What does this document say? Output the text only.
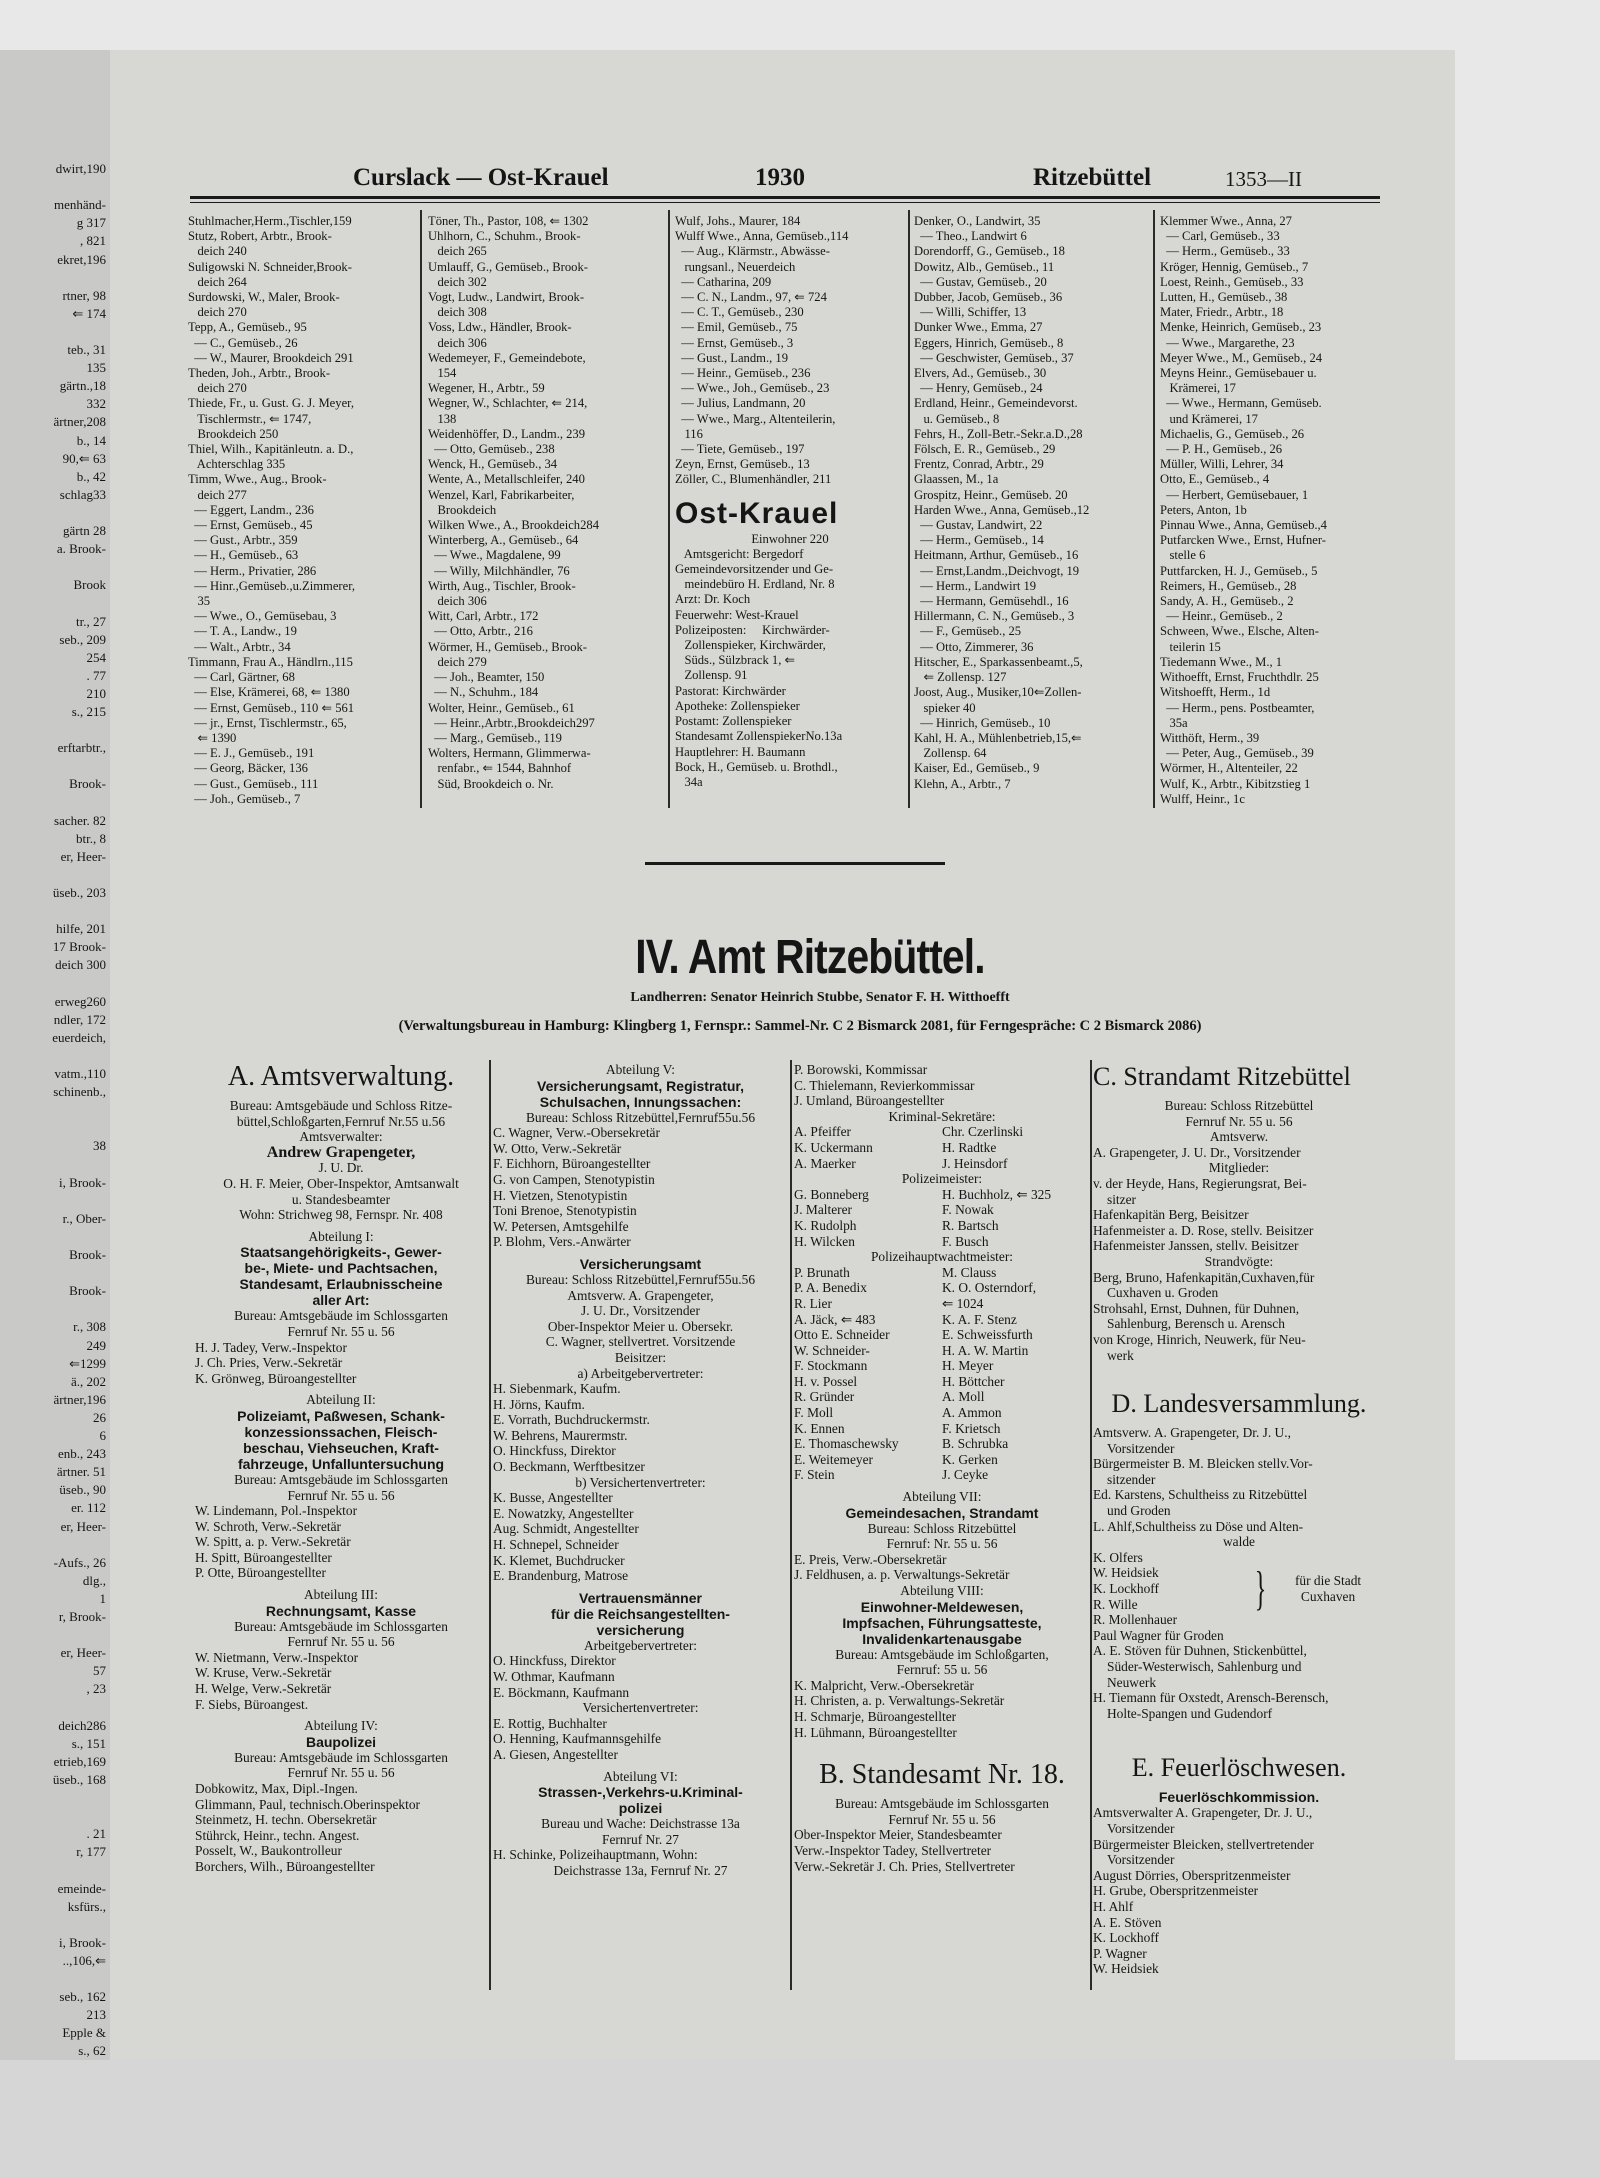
dwirt,190
menhänd-
g 317
, 821
ekret,196
rtner, 98
⇐ 174
teb., 31
135
gärtn.,18
332
ärtner,208
b., 14
90,⇐ 63
b., 42
schlag33
gärtn 28
a. Brook-
Brook
tr., 27
seb., 209
254
. 77
210
s., 215
erftarbtr.,
Brook-
sacher. 82
btr., 8
er, Heer-
üseb., 203
hilfe, 201
17 Brook-
deich 300
erweg260
ndler, 172
euerdeich,
vatm.,110
schinenb.,
38
i, Brook-
r., Ober-
Brook-
Brook-
r., 308
249
⇐1299
ä., 202
ärtner,196
26
6
enb., 243
ärtner. 51
üseb., 90
er. 112
er, Heer-
-Aufs., 26
dlg.,
1
r, Brook-
er, Heer-
57
, 23
deich286
s., 151
etrieb,169
üseb., 168
. 21
r, 177
emeinde-
ksfürs.,
i, Brook-
..,106,⇐
seb., 162
213
Epple &
s., 62
Curslack — Ost-Krauel	1930	Ritzebüttel	1353—II
Stuhlmacher,Herm.,Tischler,159
Stutz, Robert, Arbtr., Brook-
deich 240
Suligowski N. Schneider,Brook-
deich 264
Surdowski, W., Maler, Brook-
deich 270
Tepp, A., Gemüseb., 95
— C., Gemüseb., 26
— W., Maurer, Brookdeich 291
Theden, Joh., Arbtr., Brook-
deich 270
Thiede, Fr., u. Gust. G. J. Meyer,
Tischlermstr., ⇐ 1747,
Brookdeich 250
Thiel, Wilh., Kapitänleutn. a. D.,
Achterschlag 335
Timm, Wwe., Aug., Brook-
deich 277
— Eggert, Landm., 236
— Ernst, Gemüseb., 45
— Gust., Arbtr., 359
— H., Gemüseb., 63
— Herm., Privatier, 286
— Hinr.,Gemüseb.,u.Zimmerer,
35
— Wwe., O., Gemüsebau, 3
— T. A., Landw., 19
— Walt., Arbtr., 34
Timmann, Frau A., Händlrn.,115
— Carl, Gärtner, 68
— Else, Krämerei, 68, ⇐ 1380
— Ernst, Gemüseb., 110 ⇐ 561
— jr., Ernst, Tischlermstr., 65,
⇐ 1390
— E. J., Gemüseb., 191
— Georg, Bäcker, 136
— Gust., Gemüseb., 111
— Joh., Gemüseb., 7
Töner, Th., Pastor, 108, ⇐ 1302
Uhlhorn, C., Schuhm., Brook-
deich 265
Umlauff, G., Gemüseb., Brook-
deich 302
Vogt, Ludw., Landwirt, Brook-
deich 308
Voss, Ldw., Händler, Brook-
deich 306
Wedemeyer, F., Gemeindebote,
154
Wegener, H., Arbtr., 59
Wegner, W., Schlachter, ⇐ 214,
138
Weidenhöffer, D., Landm., 239
— Otto, Gemüseb., 238
Wenck, H., Gemüseb., 34
Wente, A., Metallschleifer, 240
Wenzel, Karl, Fabrikarbeiter,
Brookdeich
Wilken Wwe., A., Brookdeich284
Winterberg, A., Gemüseb., 64
— Wwe., Magdalene, 99
— Willy, Milchhändler, 76
Wirth, Aug., Tischler, Brook-
deich 306
Witt, Carl, Arbtr., 172
— Otto, Arbtr., 216
Wörmer, H., Gemüseb., Brook-
deich 279
— Joh., Beamter, 150
— N., Schuhm., 184
Wolter, Heinr., Gemüseb., 61
— Heinr.,Arbtr.,Brookdeich297
— Marg., Gemüseb., 119
Wolters, Hermann, Glimmerwa-
renfabr., ⇐ 1544, Bahnhof
Süd, Brookdeich o. Nr.
Wulf, Johs., Maurer, 184
Wulff Wwe., Anna, Gemüseb.,114
— Aug., Klärmstr., Abwässe-
rungsanl., Neuerdeich
— Catharina, 209
— C. N., Landm., 97, ⇐ 724
— C. T., Gemüseb., 230
— Emil, Gemüseb., 75
— Ernst, Gemüseb., 3
— Gust., Landm., 19
— Heinr., Gemüseb., 236
— Wwe., Joh., Gemüseb., 23
— Julius, Landmann, 20
— Wwe., Marg., Altenteilerin,
116
— Tiete, Gemüseb., 197
Zeyn, Ernst, Gemüseb., 13
Zöller, C., Blumenhändler, 211
Ost-Krauel
Einwohner 220
Amtsgericht: Bergedorf
Gemeindevorsitzender und Ge-
meindebüro H. Erdland, Nr. 8
Arzt: Dr. Koch
Feuerwehr: West-Krauel
Polizeiposten:     Kirchwärder-
Zollenspieker, Kirchwärder,
Süds., Sülzbrack 1, ⇐
Zollensp. 91
Pastorat: Kirchwärder
Apotheke: Zollenspieker
Postamt: Zollenspieker
Standesamt ZollenspiekerNo.13a
Hauptlehrer: H. Baumann
Bock, H., Gemüseb. u. Brothdl.,
34a
Denker, O., Landwirt, 35
— Theo., Landwirt 6
Dorendorff, G., Gemüseb., 18
Dowitz, Alb., Gemüseb., 11
— Gustav, Gemüseb., 20
Dubber, Jacob, Gemüseb., 36
— Willi, Schiffer, 13
Dunker Wwe., Emma, 27
Eggers, Hinrich, Gemüseb., 8
— Geschwister, Gemüseb., 37
Elvers, Ad., Gemüseb., 30
— Henry, Gemüseb., 24
Erdland, Heinr., Gemeindevorst.
u. Gemüseb., 8
Fehrs, H., Zoll-Betr.-Sekr.a.D.,28
Fölsch, E. R., Gemüseb., 29
Frentz, Conrad, Arbtr., 29
Glaassen, M., 1a
Grospitz, Heinr., Gemüseb. 20
Harden Wwe., Anna, Gemüseb.,12
— Gustav, Landwirt, 22
— Herm., Gemüseb., 14
Heitmann, Arthur, Gemüseb., 16
— Ernst,Landm.,Deichvogt, 19
— Herm., Landwirt 19
— Hermann, Gemüsehdl., 16
Hillermann, C. N., Gemüseb., 3
— F., Gemüseb., 25
— Otto, Zimmerer, 36
Hitscher, E., Sparkassenbeamt.,5,
⇐ Zollensp. 127
Joost, Aug., Musiker,10⇐Zollen-
spieker 40
— Hinrich, Gemüseb., 10
Kahl, H. A., Mühlenbetrieb,15,⇐
Zollensp. 64
Kaiser, Ed., Gemüseb., 9
Klehn, A., Arbtr., 7
Klemmer Wwe., Anna, 27
— Carl, Gemüseb., 33
— Herm., Gemüseb., 33
Kröger, Hennig, Gemüseb., 7
Loest, Reinh., Gemüseb., 33
Lutten, H., Gemüseb., 38
Mater, Friedr., Arbtr., 18
Menke, Heinrich, Gemüseb., 23
— Wwe., Margarethe, 23
Meyer Wwe., M., Gemüseb., 24
Meyns Heinr., Gemüsebauer u.
Krämerei, 17
— Wwe., Hermann, Gemüseb.
und Krämerei, 17
Michaelis, G., Gemüseb., 26
— P. H., Gemüseb., 26
Müller, Willi, Lehrer, 34
Otto, E., Gemüseb., 4
— Herbert, Gemüsebauer, 1
Peters, Anton, 1b
Pinnau Wwe., Anna, Gemüseb.,4
Putfarcken Wwe., Ernst, Hufner-
stelle 6
Puttfarcken, H. J., Gemüseb., 5
Reimers, H., Gemüseb., 28
Sandy, A. H., Gemüseb., 2
— Heinr., Gemüseb., 2
Schween, Wwe., Elsche, Alten-
teilerin 15
Tiedemann Wwe., M., 1
Withoefft, Ernst, Fruchthdlr. 25
Witshoefft, Herm., 1d
— Herm., pens. Postbeamter,
35a
Witthöft, Herm., 39
— Peter, Aug., Gemüseb., 39
Wörmer, H., Altenteiler, 22
Wulf, K., Arbtr., Kibitzstieg 1
Wulff, Heinr., 1c
IV. Amt Ritzebüttel.
Landherren: Senator Heinrich Stubbe, Senator F. H. Witthoefft
(Verwaltungsbureau in Hamburg: Klingberg 1, Fernspr.: Sammel-Nr. C 2 Bismarck 2081, für Ferngespräche: C 2 Bismarck 2086)
A. Amtsverwaltung.
Bureau: Amtsgebäude und Schloss Ritze-
büttel,Schloßgarten,Fernruf Nr.55 u.56
Amtsverwalter:
Andrew Grapengeter,
J. U. Dr.
O. H. F. Meier, Ober-Inspektor, Amtsanwalt
u. Standesbeamter
Wohn: Strichweg 98, Fernspr. Nr. 408
Abteilung I:
Staatsangehörigkeits-, Gewer-
be-, Miete- und Pachtsachen,
Standesamt, Erlaubnisscheine
aller Art:
Bureau: Amtsgebäude im Schlossgarten
Fernruf Nr. 55 u. 56
H. J. Tadey, Verw.-Inspektor
J. Ch. Pries, Verw.-Sekretär
K. Grönweg, Büroangestellter
Abteilung II:
Polizeiamt, Paßwesen, Schank-
konzessionssachen, Fleisch-
beschau, Viehseuchen, Kraft-
fahrzeuge, Unfalluntersuchung
Bureau: Amtsgebäude im Schlossgarten
Fernruf Nr. 55 u. 56
W. Lindemann, Pol.-Inspektor
W. Schroth, Verw.-Sekretär
W. Spitt, a. p. Verw.-Sekretär
H. Spitt, Büroangestellter
P. Otte, Büroangestellter
Abteilung III:
Rechnungsamt, Kasse
Bureau: Amtsgebäude im Schlossgarten
Fernruf Nr. 55 u. 56
W. Nietmann, Verw.-Inspektor
W. Kruse, Verw.-Sekretär
H. Welge, Verw.-Sekretär
F. Siebs, Büroangest.
Abteilung IV:
Baupolizei
Bureau: Amtsgebäude im Schlossgarten
Fernruf Nr. 55 u. 56
Dobkowitz, Max, Dipl.-Ingen.
Glimmann, Paul, technisch.Oberinspektor
Steinmetz, H. techn. Obersekretär
Stührck, Heinr., techn. Angest.
Posselt, W., Baukontrolleur
Borchers, Wilh., Büroangestellter
Abteilung V:
Versicherungsamt, Registratur,
Schulsachen, Innungssachen:
Bureau: Schloss Ritzebüttel,Fernruf55u.56
C. Wagner, Verw.-Obersekretär
W. Otto, Verw.-Sekretär
F. Eichhorn, Büroangestellter
G. von Campen, Stenotypistin
H. Vietzen, Stenotypistin
Toni Brenoe, Stenotypistin
W. Petersen, Amtsgehilfe
P. Blohm, Vers.-Anwärter
Versicherungsamt
Bureau: Schloss Ritzebüttel,Fernruf55u.56
Amtsverw. A. Grapengeter,
J. U. Dr., Vorsitzender
Ober-Inspektor Meier u. Obersekr.
C. Wagner, stellvertret. Vorsitzende
Beisitzer:
a) Arbeitgebervertreter:
H. Siebenmark, Kaufm.
H. Jörns, Kaufm.
E. Vorrath, Buchdruckermstr.
W. Behrens, Maurermstr.
O. Hinckfuss, Direktor
O. Beckmann, Werftbesitzer
b) Versichertenvertreter:
K. Busse, Angestellter
E. Nowatzky, Angestellter
Aug. Schmidt, Angestellter
H. Schnepel, Schneider
K. Klemet, Buchdrucker
E. Brandenburg, Matrose
Vertrauensmänner
für die Reichsangestellten-
versicherung
Arbeitgebervertreter:
O. Hinckfuss, Direktor
W. Othmar, Kaufmann
E. Böckmann, Kaufmann
Versichertenvertreter:
E. Rottig, Buchhalter
O. Henning, Kaufmannsgehilfe
A. Giesen, Angestellter
Abteilung VI:
Strassen-,Verkehrs-u.Kriminal-
polizei
Bureau und Wache: Deichstrasse 13a
Fernruf Nr. 27
H. Schinke, Polizeihauptmann, Wohn:
Deichstrasse 13a, Fernruf Nr. 27
P. Borowski, Kommissar
C. Thielemann, Revierkommissar
J. Umland, Büroangestellter
Kriminal-Sekretäre:
A. Pfeiffer	Chr. Czerlinski
K. Uckermann	H. Radtke
A. Maerker	J. Heinsdorf
Polizeimeister:
G. Bonneberg	H. Buchholz, ⇐ 325
J. Malterer	F. Nowak
K. Rudolph	R. Bartsch
H. Wilcken	F. Busch
Polizeihauptwachtmeister:
P. Brunath	M. Clauss
P. A. Benedix	K. O. Osterndorf,
R. Lier	⇐ 1024
A. Jäck, ⇐ 483	K. A. F. Stenz
Otto E. Schneider	E. Schweissfurth
W. Schneider-	H. A. W. Martin
F. Stockmann	H. Meyer
H. v. Possel	H. Böttcher
R. Gründer	A. Moll
F. Moll	A. Ammon
K. Ennen	F. Krietsch
E. Thomaschewsky	B. Schrubka
E. Weitemeyer	K. Gerken
F. Stein	J. Ceyke
Abteilung VII:
Gemeindesachen, Strandamt
Bureau: Schloss Ritzebüttel
Fernruf: Nr. 55 u. 56
E. Preis, Verw.-Obersekretär
J. Feldhusen, a. p. Verwaltungs-Sekretär
Abteilung VIII:
Einwohner-Meldewesen,
Impfsachen, Führungsatteste,
Invalidenkartenausgabe
Bureau: Amtsgebäude im Schloßgarten,
Fernruf: 55 u. 56
K. Malpricht, Verw.-Obersekretär
H. Christen, a. p. Verwaltungs-Sekretär
H. Schmarje, Büroangestellter
H. Lühmann, Büroangestellter
B. Standesamt Nr. 18.
Bureau: Amtsgebäude im Schlossgarten
Fernruf Nr. 55 u. 56
Ober-Inspektor Meier, Standesbeamter
Verw.-Inspektor Tadey, Stellvertreter
Verw.-Sekretär J. Ch. Pries, Stellvertreter
C. Strandamt Ritzebüttel
Bureau: Schloss Ritzebüttel
Fernruf Nr. 55 u. 56
Amtsverw.
A. Grapengeter, J. U. Dr., Vorsitzender
Mitglieder:
v. der Heyde, Hans, Regierungsrat, Bei-
sitzer
Hafenkapitän Berg, Beisitzer
Hafenmeister a. D. Rose, stellv. Beisitzer
Hafenmeister Janssen, stellv. Beisitzer
Strandvögte:
Berg, Bruno, Hafenkapitän,Cuxhaven,für
Cuxhaven u. Groden
Strohsahl, Ernst, Duhnen, für Duhnen,
Sahlenburg, Berensch u. Arensch
von Kroge, Hinrich, Neuwerk, für Neu-
werk
D. Landesversammlung.
Amtsverw. A. Grapengeter, Dr. J. U.,
Vorsitzender
Bürgermeister B. M. Bleicken stellv.Vor-
sitzender
Ed. Karstens, Schultheiss zu Ritzebüttel
und Groden
L. Ahlf,Schultheiss zu Döse und Alten-
walde
K. Olfers
W. Heidsiek
K. Lockhoff
R. Wille
R. Mollenhauer
}	für die Stadt Cuxhaven
Paul Wagner für Groden
A. E. Stöven für Duhnen, Stickenbüttel,
Süder-Westerwisch, Sahlenburg und
Neuwerk
H. Tiemann für Oxstedt, Arensch-Berensch,
Holte-Spangen und Gudendorf
E. Feuerlöschwesen.
Feuerlöschkommission.
Amtsverwalter A. Grapengeter, Dr. J. U.,
Vorsitzender
Bürgermeister Bleicken, stellvertretender
Vorsitzender
August Dörries, Oberspritzenmeister
H. Grube, Oberspritzenmeister
H. Ahlf
A. E. Stöven
K. Lockhoff
P. Wagner
W. Heidsiek
